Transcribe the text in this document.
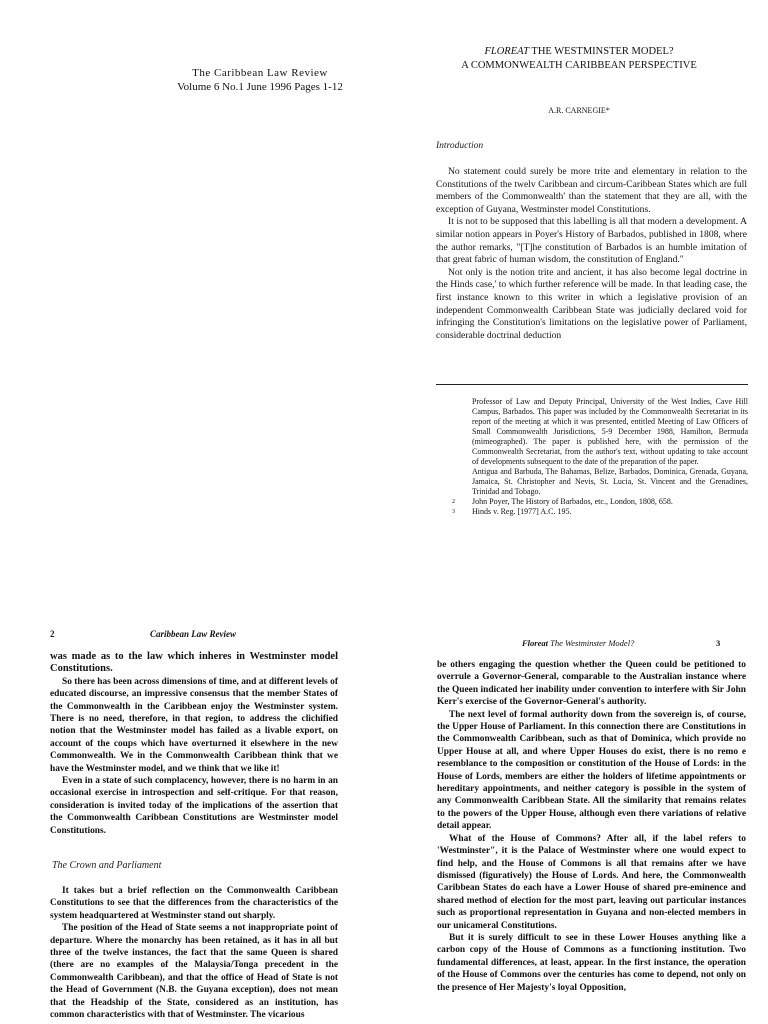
The Caribbean Law Review
Volume 6 No.1 June 1996 Pages 1-12
FLOREAT THE WESTMINSTER MODEL?
A COMMONWEALTH CARIBBEAN PERSPECTIVE
A.R. CARNEGIE*
Introduction

No statement could surely be more trite and elementary in relation to the Constitutions of the twelv Caribbean and circum-Caribbean States which are full members of the Commonwealth' than the statement that they are all, with the exception of Guyana, Westminster model Constitutions.

It is not to be supposed that this labelling is all that modern a development. A similar notion appears in Poyer's History of Barbados, published in 1808, where the author remarks, "[T]he constitution of Barbados is an humble imitation of that great fabric of human wisdom, the constitution of England."

Not only is the notion trite and ancient, it has also become legal doctrine in the Hinds case,' to which further reference will be made. In that leading case, the first instance known to this writer in which a legislative provision of an independent Commonwealth Caribbean State was judicially declared void for infringing the Constitution's limitations on the legislative power of Parliament, considerable doctrinal deduction

Professor of Law and Deputy Principal, University of the West Indies, Cave Hill Campus, Barbados. This paper was included by the Commonwealth Secretariat in its report of the meeting at which it was presented, entitled Meeting of Law Officers of Small Commonwealth Jurisdictions, 5-9 December 1988, Hamilton, Bermuda (mimeographed). The paper is published here, with the permission of the Commonwealth Secretariat, from the author's text, without updating to take account of developments subsequent to the date of the preparation of the paper.

Antigua and Barbuda, The Bahamas, Belize, Barbados, Dominica, Grenada, Guyana, Jamaica, St. Christopher and Nevis, St. Lucia, St. Vincent and the Grenadines, Trinidad and Tobago.

2 John Poyer, The History of Barbados, etc., London, 1808, 658.

3 Hinds v. Reg. [1977] A.C. 195.

2	Caribbean Law Review

was made as to the law which inheres in Westminster model Constitutions.

So there has been across dimensions of time, and at different levels of educated discourse, an impressive consensus that the member States of the Commonwealth in the Caribbean enjoy the Westminster system. There is no need, therefore, in that region, to address the clichified notion that the Westminster model has failed as a livable export, on account of the coups which have overturned it elsewhere in the new Commonwealth. We in the Commonwealth Caribbean think that we have the Westminster model, and we think that we like it!

Even in a state of such complacency, however, there is no harm in an occasional exercise in introspection and self-critique. For that reason, consideration is invited today of the implications of the assertion that the Commonwealth Caribbean Constitutions are Westminster model Constitutions.

The Crown and Parliament

It takes but a brief reflection on the Commonwealth Caribbean Constitutions to see that the differences from the characteristics of the system headquartered at Westminster stand out sharply.

The position of the Head of State seems a not inappropriate point of departure. Where the monarchy has been retained, as it has in all but three of the twelve instances, the fact that the same Queen is shared (there are no examples of the Malaysia/Tonga precedent in the Commonwealth Caribbean), and that the office of Head of State is not the Head of Government (N.B. the Guyana exception), does not mean that the Headship of the State, considered as an institution, has common characteristics with that of Westminster. The vicarious

Floreat The Westminster Model?	3

be others engaging the question whether the Queen could be petitioned to overrule a Governor-General, comparable to the Australian instance where the Queen indicated her inability under convention to interfere with Sir John Kerr's exercise of the Governor-General's authority.

The next level of formal authority down from the sovereign is, of course, the Upper House of Parliament. In this connection there are Constitutions in the Commonwealth Caribbean, such as that of Dominica, which provide no Upper House at all, and where Upper Houses do exist, there is no remo e resemblance to the composition or constitution of the House of Lords: in the House of Lords, members are either the holders of lifetime appointments or hereditary appointments, and neither category is possible in the system of any Commonwealth Caribbean State. All the similarity that remains relates to the powers of the Upper House, although even there variations of relative detail appear.

What of the House of Commons? After all, if the label refers to 'Westminster", it is the Palace of Westminster where one would expect to find help, and the House of Commons is all that remains after we have dismissed (figuratively) the House of Lords. And here, the Commonwealth Caribbean States do each have a Lower House of shared pre-eminence and shared method of election for the most part, leaving out particular instances such as proportional representation in Guyana and non-elected members in our unicameral Constitutions.

But it is surely difficult to see in these Lower Houses anything like a carbon copy of the House of Commons as a functioning institution. Two fundamental differences, at least, appear. In the first instance, the operation of the House of Commons over the centuries has come to depend, not only on the presence of Her Majesty's loyal Opposition,
